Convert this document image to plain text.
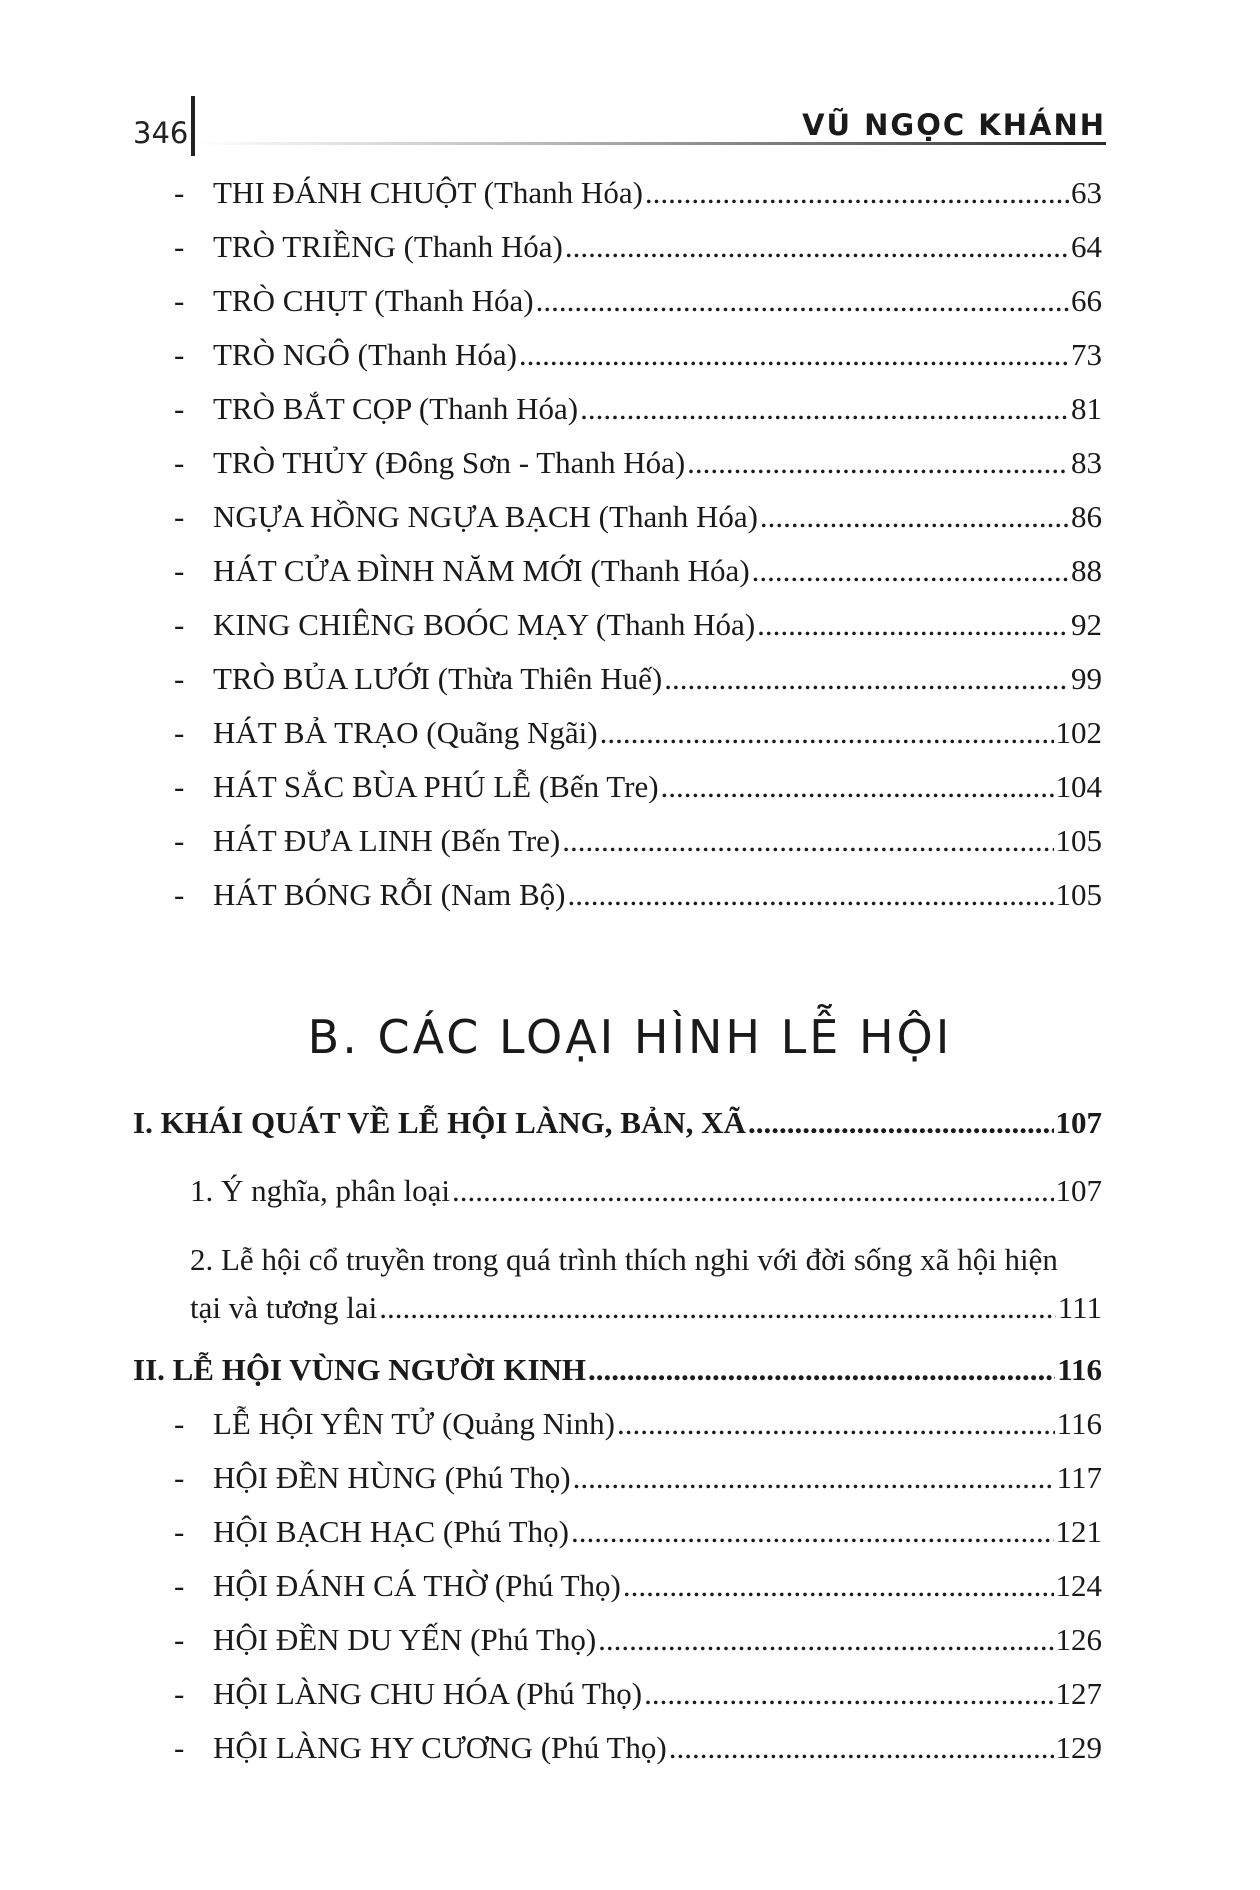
346	VŨ NGỌC KHÁNH
- THI ĐÁNH CHUỘT (Thanh Hóa) .....	63
- TRÒ TRIỀNG (Thanh Hóa) .....	64
- TRÒ CHỤT (Thanh Hóa) .....	66
- TRÒ NGÔ (Thanh Hóa) .....	73
- TRÒ BẮT CỌP (Thanh Hóa) .....	81
- TRÒ THỦY (Đông Sơn - Thanh Hóa) .....	83
- NGỰA HỒNG NGỰA BẠCH (Thanh Hóa) .....	86
- HÁT CỬA ĐÌNH NĂM MỚI (Thanh Hóa) .....	88
- KING CHIÊNG BOÓC MẠY (Thanh Hóa) .....	92
- TRÒ BỦA LƯỚI (Thừa Thiên Huế) .....	99
- HÁT BẢ TRẠO (Quãng Ngãi) .....	102
- HÁT SẮC BÙA PHÚ LỄ (Bến Tre) .....	104
- HÁT ĐƯA LINH (Bến Tre) .....	105
- HÁT BÓNG RỖI (Nam Bộ) .....	105
B. CÁC LOẠI HÌNH LỄ HỘI
I. KHÁI QUÁT VỀ LỄ HỘI LÀNG, BẢN, XÃ .....	107
1. Ý nghĩa, phân loại .....	107
2. Lễ hội cổ truyền trong quá trình thích nghi với đời sống xã hội hiện
tại và tương lai .....	111
II. LỄ HỘI VÙNG NGƯỜI KINH .....	116
- LỄ HỘI YÊN TỬ (Quảng Ninh) .....	116
- HỘI ĐỀN HÙNG (Phú Thọ) .....	117
- HỘI BẠCH HẠC (Phú Thọ) .....	121
- HỘI ĐÁNH CÁ THỜ (Phú Thọ) .....	124
- HỘI ĐỀN DU YẾN (Phú Thọ) .....	126
- HỘI LÀNG CHU HÓA (Phú Thọ) .....	127
- HỘI LÀNG HY CƯƠNG (Phú Thọ) .....	129
